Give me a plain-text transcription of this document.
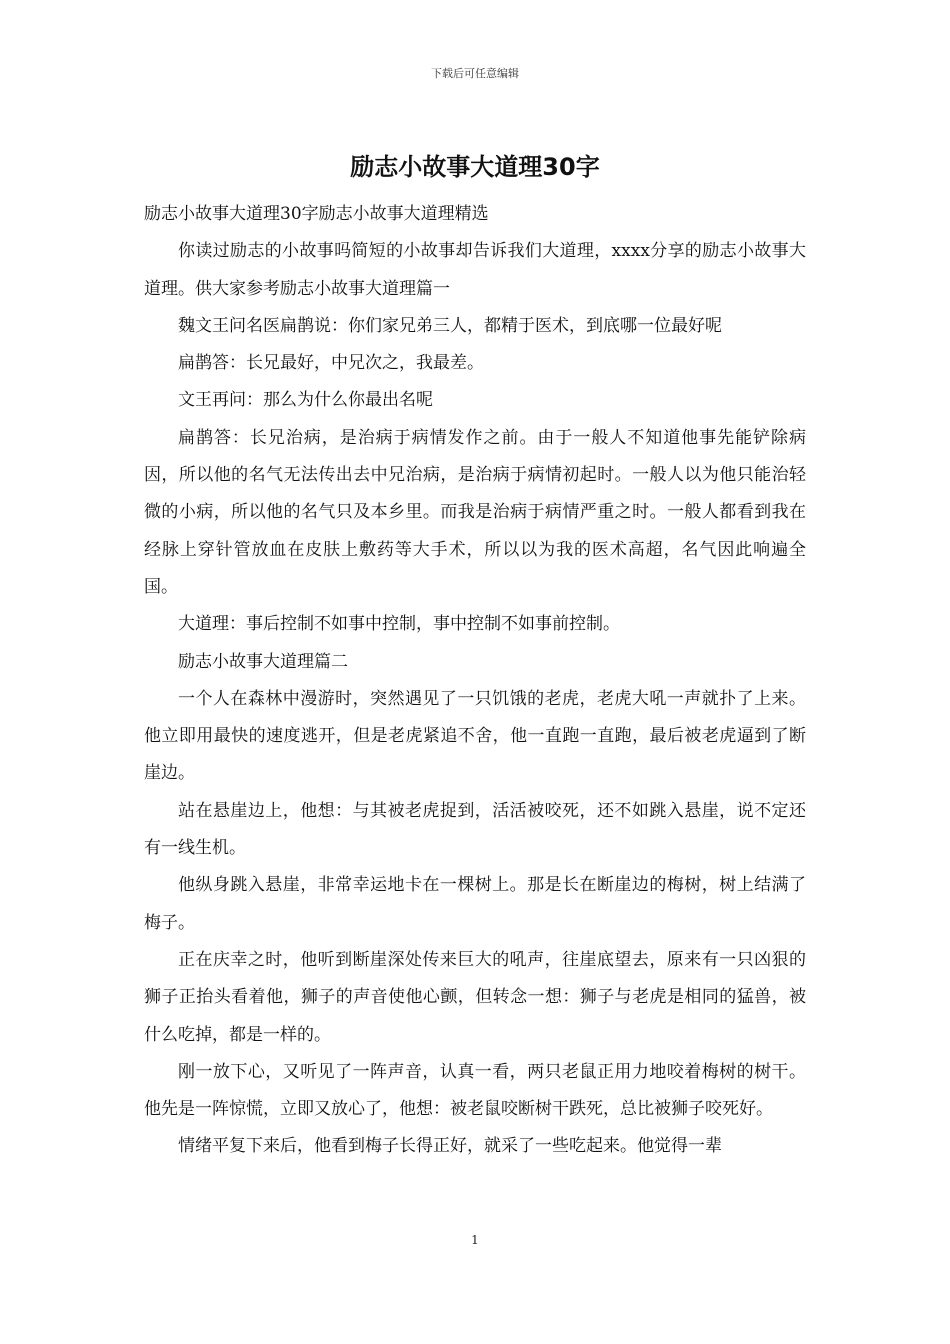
下载后可任意编辑
励志小故事大道理30字

励志小故事大道理30字励志小故事大道理精选

你读过励志的小故事吗简短的小故事却告诉我们大道理，xxxx分享的励志小故事大道理。供大家参考励志小故事大道理篇一

魏文王问名医扁鹊说：你们家兄弟三人，都精于医术，到底哪一位最好呢

扁鹊答：长兄最好，中兄次之，我最差。

文王再问：那么为什么你最出名呢

扁鹊答：长兄治病，是治病于病情发作之前。由于一般人不知道他事先能铲除病因，所以他的名气无法传出去中兄治病，是治病于病情初起时。一般人以为他只能治轻微的小病，所以他的名气只及本乡里。而我是治病于病情严重之时。一般人都看到我在经脉上穿针管放血在皮肤上敷药等大手术，所以以为我的医术高超，名气因此响遍全国。

大道理：事后控制不如事中控制，事中控制不如事前控制。

励志小故事大道理篇二

一个人在森林中漫游时，突然遇见了一只饥饿的老虎，老虎大吼一声就扑了上来。他立即用最快的速度逃开，但是老虎紧追不舍，他一直跑一直跑，最后被老虎逼到了断崖边。

站在悬崖边上，他想：与其被老虎捉到，活活被咬死，还不如跳入悬崖，说不定还有一线生机。

他纵身跳入悬崖，非常幸运地卡在一棵树上。那是长在断崖边的梅树，树上结满了梅子。

正在庆幸之时，他听到断崖深处传来巨大的吼声，往崖底望去，原来有一只凶狠的狮子正抬头看着他，狮子的声音使他心颤，但转念一想：狮子与老虎是相同的猛兽，被什么吃掉，都是一样的。

刚一放下心，又听见了一阵声音，认真一看，两只老鼠正用力地咬着梅树的树干。他先是一阵惊慌，立即又放心了，他想：被老鼠咬断树干跌死，总比被狮子咬死好。

情绪平复下来后，他看到梅子长得正好，就采了一些吃起来。他觉得一辈

1
